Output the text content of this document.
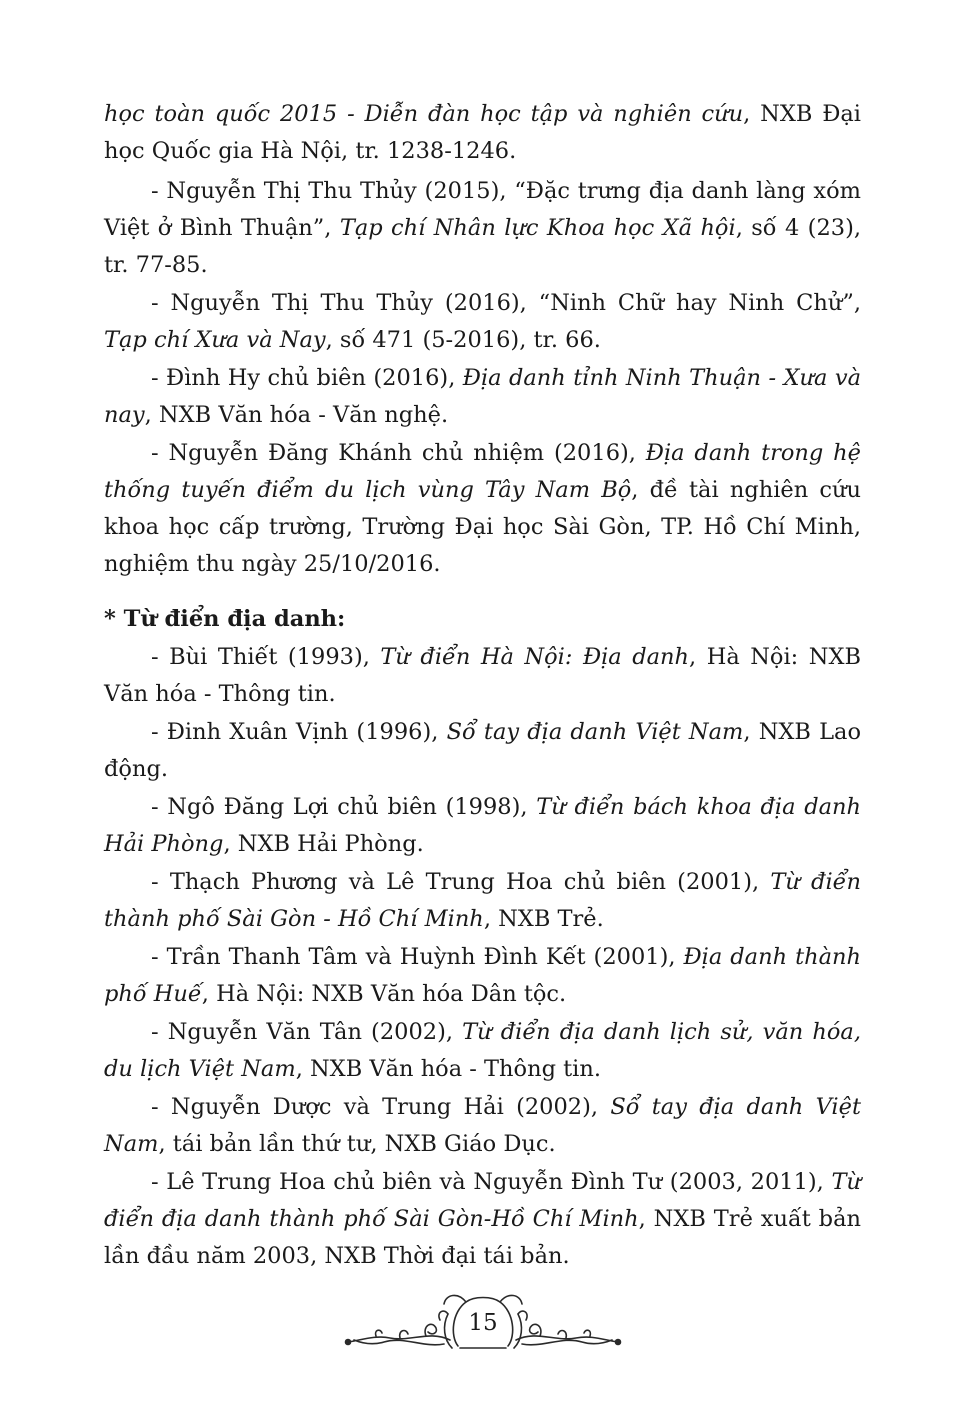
học toàn quốc 2015 - Diễn đàn học tập và nghiên cứu, NXB Đại học Quốc gia Hà Nội, tr. 1238-1246.

- Nguyễn Thị Thu Thủy (2015), “Đặc trưng địa danh làng xóm Việt ở Bình Thuận”, Tạp chí Nhân lực Khoa học Xã hội, số 4 (23), tr. 77-85.

- Nguyễn Thị Thu Thủy (2016), “Ninh Chữ hay Ninh Chử”, Tạp chí Xưa và Nay, số 471 (5-2016), tr. 66.

- Đình Hy chủ biên (2016), Địa danh tỉnh Ninh Thuận - Xưa và nay, NXB Văn hóa - Văn nghệ.

- Nguyễn Đăng Khánh chủ nhiệm (2016), Địa danh trong hệ thống tuyến điểm du lịch vùng Tây Nam Bộ, đề tài nghiên cứu khoa học cấp trường, Trường Đại học Sài Gòn, TP. Hồ Chí Minh, nghiệm thu ngày 25/10/2016.

* Từ điển địa danh:

- Bùi Thiết (1993), Từ điển Hà Nội: Địa danh, Hà Nội: NXB Văn hóa - Thông tin.

- Đinh Xuân Vịnh (1996), Sổ tay địa danh Việt Nam, NXB Lao động.

- Ngô Đăng Lợi chủ biên (1998), Từ điển bách khoa địa danh Hải Phòng, NXB Hải Phòng.

- Thạch Phương và Lê Trung Hoa chủ biên (2001), Từ điển thành phố Sài Gòn - Hồ Chí Minh, NXB Trẻ.

- Trần Thanh Tâm và Huỳnh Đình Kết (2001), Địa danh thành phố Huế, Hà Nội: NXB Văn hóa Dân tộc.

- Nguyễn Văn Tân (2002), Từ điển địa danh lịch sử, văn hóa, du lịch Việt Nam, NXB Văn hóa - Thông tin.

- Nguyễn Dược và Trung Hải (2002), Sổ tay địa danh Việt Nam, tái bản lần thứ tư, NXB Giáo Dục.

- Lê Trung Hoa chủ biên và Nguyễn Đình Tư (2003, 2011), Từ điển địa danh thành phố Sài Gòn-Hồ Chí Minh, NXB Trẻ xuất bản lần đầu năm 2003, NXB Thời đại tái bản.

15
